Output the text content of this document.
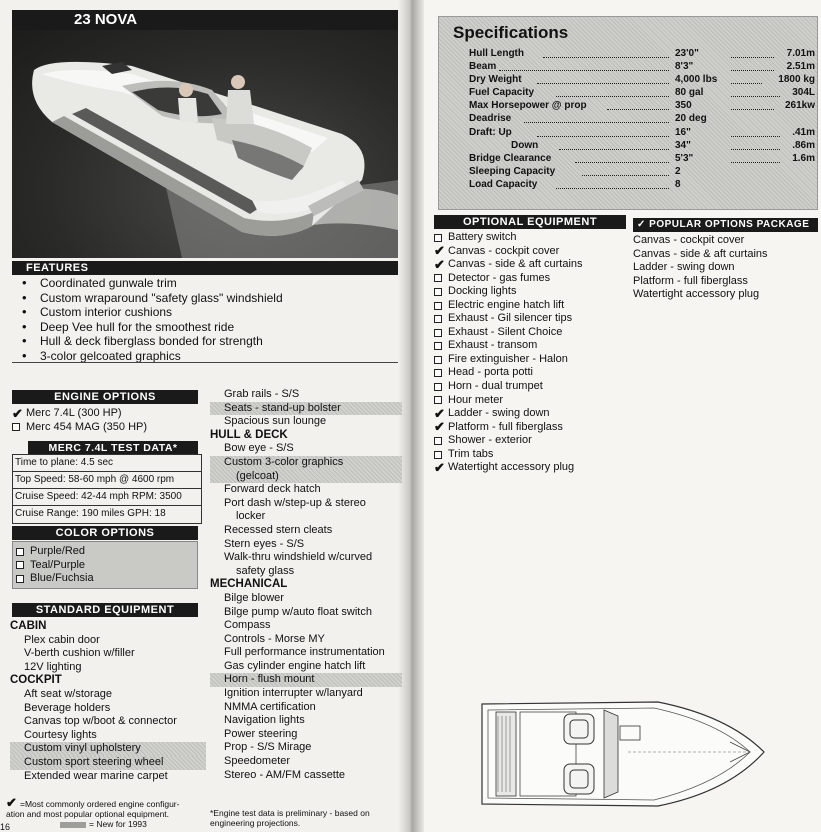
23 NOVA
FEATURES
• Coordinated gunwale trim
• Custom wraparound "safety glass" windshield
• Custom interior cushions
• Deep Vee hull for the smoothest ride
• Hull & deck fiberglass bonded for strength
• 3-color gelcoated graphics
ENGINE OPTIONS
✔ Merc 7.4L (300 HP)
Merc 454 MAG (350 HP)
MERC 7.4L TEST DATA*
Time to plane: 4.5 sec
Top Speed: 58-60 mph @ 4600 rpm
Cruise Speed: 42-44 mph RPM: 3500
Cruise Range: 190 miles GPH: 18
COLOR OPTIONS
Purple/Red
Teal/Purple
Blue/Fuchsia
STANDARD EQUIPMENT
CABIN
Plex cabin door
V-berth cushion w/filler
12V lighting
COCKPIT
Aft seat w/storage
Beverage holders
Canvas top w/boot & connector
Courtesy lights
Custom vinyl upholstery
Custom sport steering wheel
Extended wear marine carpet
Grab rails - S/S
Seats - stand-up bolster
Spacious sun lounge
HULL & DECK
Bow eye - S/S
Custom 3-color graphics
(gelcoat)
Forward deck hatch
Port dash w/step-up & stereo
locker
Recessed stern cleats
Stern eyes - S/S
Walk-thru windshield w/curved
safety glass
MECHANICAL
Bilge blower
Bilge pump w/auto float switch
Compass
Controls - Morse MY
Full performance instrumentation
Gas cylinder engine hatch lift
Horn - flush mount
Ignition interrupter w/lanyard
NMMA certification
Navigation lights
Power steering
Prop - S/S Mirage
Speedometer
Stereo - AM/FM cassette
✔ =Most commonly ordered engine configur-
ation and most popular optional equipment.
= New for 1993
*Engine test data is preliminary - based on engineering projections.
16
Specifications
Hull Length	23'0"	7.01m
Beam	8'3"	2.51m
Dry Weight	4,000 lbs	1800 kg
Fuel Capacity	80 gal	304L
Max Horsepower @ prop	350	261kw
Deadrise	20 deg
Draft: Up	16"	.41m
Down	34"	.86m
Bridge Clearance	5'3"	1.6m
Sleeping Capacity	2
Load Capacity	8
OPTIONAL EQUIPMENT
Battery switch
✔ Canvas - cockpit cover
✔ Canvas - side & aft curtains
Detector - gas fumes
Docking lights
Electric engine hatch lift
Exhaust - Gil silencer tips
Exhaust - Silent Choice
Exhaust - transom
Fire extinguisher - Halon
Head - porta potti
Horn - dual trumpet
Hour meter
✔ Ladder - swing down
✔ Platform - full fiberglass
Shower - exterior
Trim tabs
✔ Watertight accessory plug
✓ POPULAR OPTIONS PACKAGE
Canvas - cockpit cover
Canvas - side & aft curtains
Ladder - swing down
Platform - full fiberglass
Watertight accessory plug
